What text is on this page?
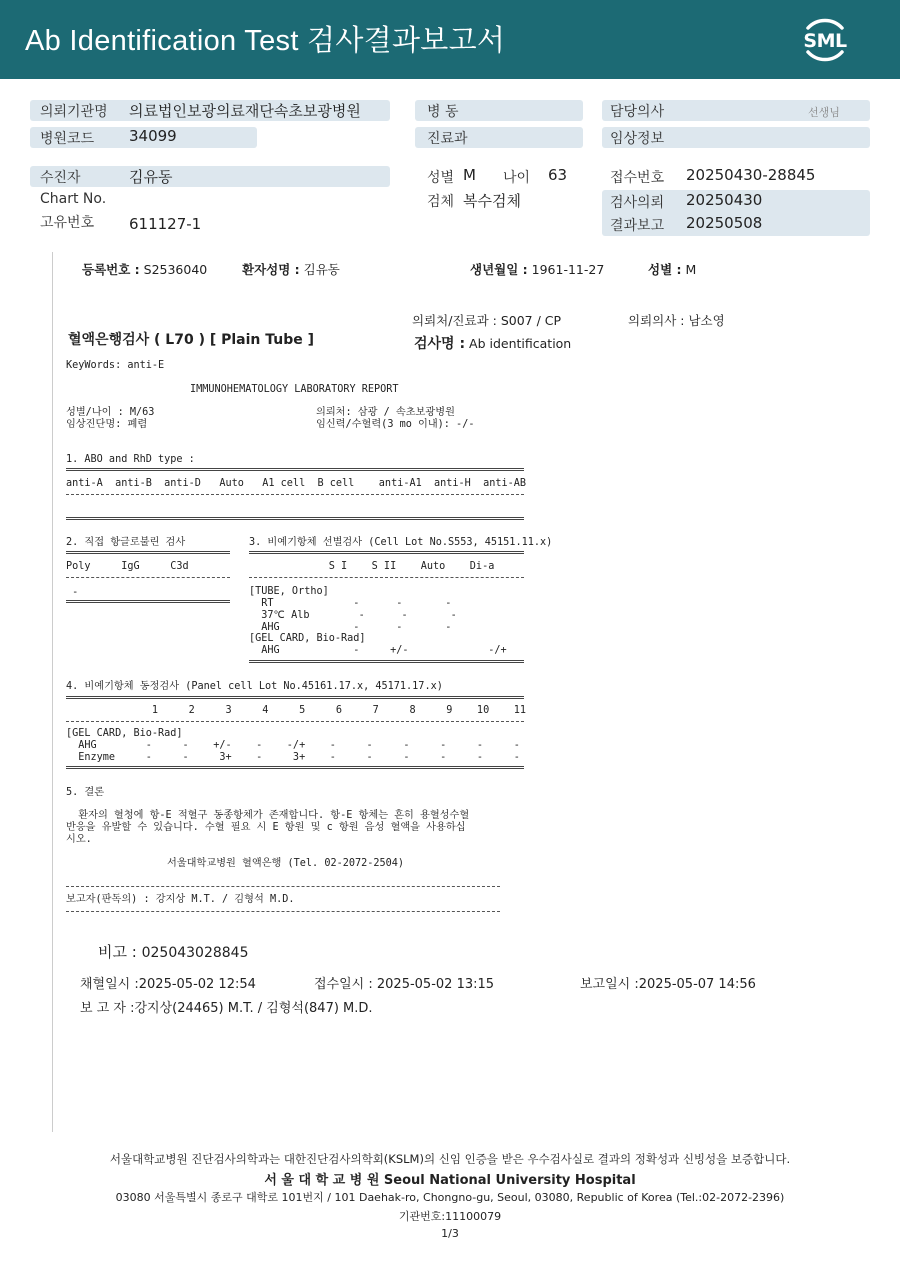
Ab Identification Test 검사결과보고서	SML
의뢰기관명 의료법인보광의료재단속초보광병원
병원코드 34099
병 동
진료과
담당의사	선생님
임상정보
수진자	김유동
Chart No.
고유번호 611127-1
성별 M 나이 63
검체 복수검체
접수번호 20250430-28845
검사의뢰 20250430
결과보고 20250508
등록번호 : S2536040	환자성명 : 김유동	생년월일 : 1961-11-27	성별 : M
의뢰처/진료과 : S007 / CP	의뢰의사 : 남소영
혈액은행검사 ( L70 ) [ Plain Tube ]	검사명 : Ab identification
KeyWords: anti-E
IMMUNOHEMATOLOGY LABORATORY REPORT
성별/나이 : M/63
임상진단명: 폐렴
의뢰처: 삼광 / 속초보광병원
임신력/수혈력(3 mo 이내): -/-
1. ABO and RhD type :
anti-A  anti-B  anti-D   Auto   A1 cell  B cell    anti-A1  anti-H  anti-AB
2. 직접 항글로불린 검사
Poly     IgG     C3d
-
3. 비예기항체 선별검사 (Cell Lot No.S553, 45151.11.x)
S I    S II    Auto    Di-a
[TUBE, Ortho]
RT             -      -       -
37℃ Alb        -      -       -
AHG            -      -       -
[GEL CARD, Bio-Rad]
AHG            -     +/-             -/+
4. 비예기항체 동정검사 (Panel cell Lot No.45161.17.x, 45171.17.x)
1     2     3     4     5     6     7     8     9    10    11
[GEL CARD, Bio-Rad]
AHG        -     -    +/-    -    -/+    -     -     -     -     -     -
Enzyme     -     -     3+    -     3+    -     -     -     -     -     -
5. 결론
환자의 혈청에 항-E 적혈구 동종항체가 존재합니다. 항-E 항체는 흔히 용혈성수혈
반응을 유발할 수 있습니다. 수혈 필요 시 E 항원 및 c 항원 음성 혈액을 사용하십
시오.
서울대학교병원 혈액은행 (Tel. 02-2072-2504)
보고자(판독의) : 강지상 M.T. / 김형석 M.D.
비고 : 025043028845
채혈일시 :2025-05-02 12:54	접수일시 : 2025-05-02 13:15	보고일시 :2025-05-07 14:56
보 고 자 :강지상(24465) M.T. / 김형석(847) M.D.
서울대학교병원 진단검사의학과는 대한진단검사의학회(KSLM)의 신임 인증을 받은 우수검사실로 결과의 정확성과 신빙성을 보증합니다.
서 울 대 학 교 병 원 Seoul National University Hospital
03080 서울특별시 종로구 대학로 101번지 / 101 Daehak-ro, Chongno-gu, Seoul, 03080, Republic of Korea (Tel.:02-2072-2396)
기관번호:11100079
1/3
